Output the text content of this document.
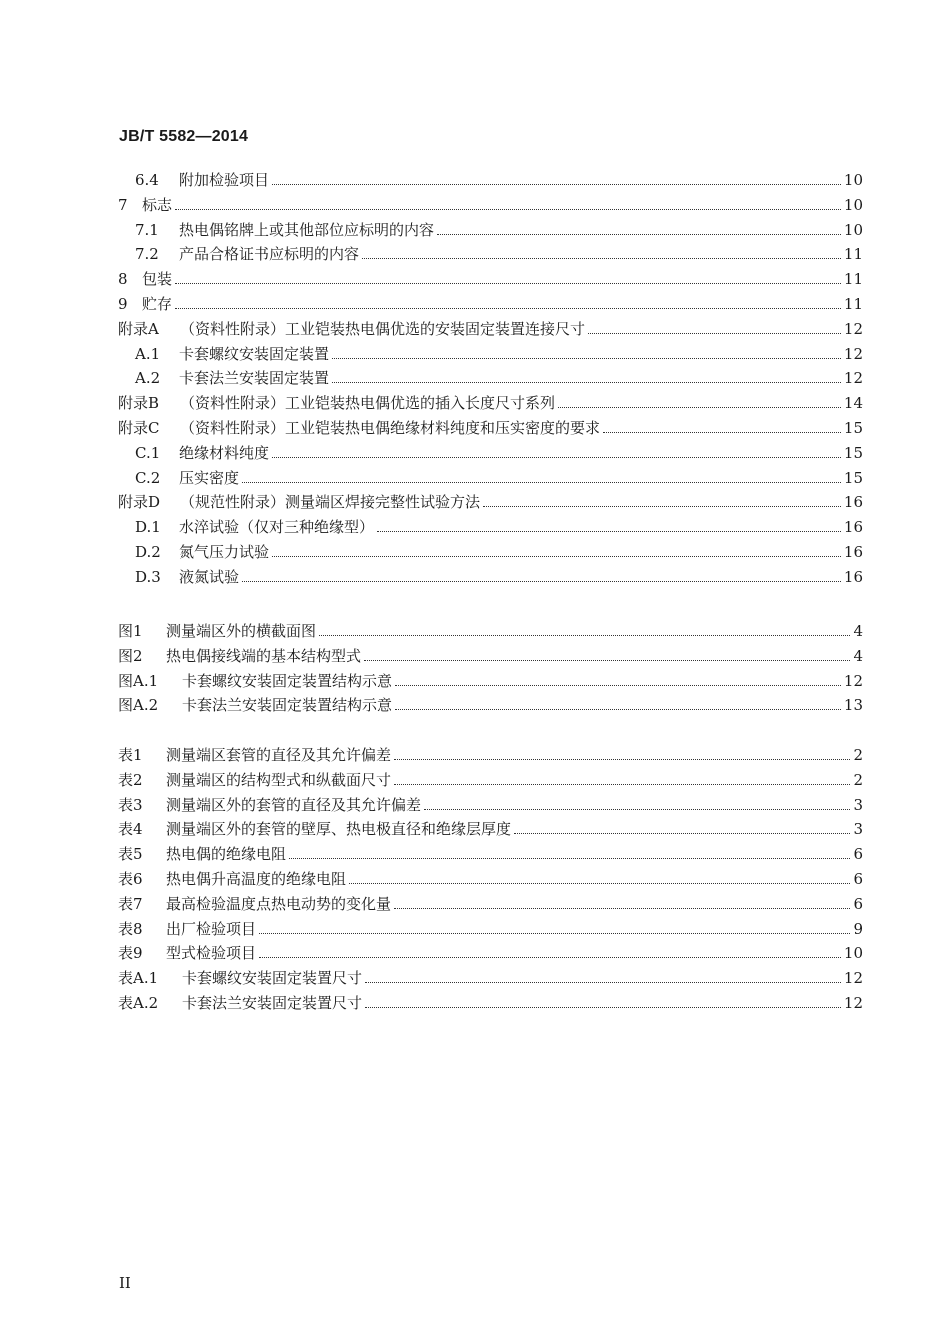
JB/T 5582—2014
6.4	附加检验项目	10
7 标志	10
7.1	热电偶铭牌上或其他部位应标明的内容	10
7.2	产品合格证书应标明的内容	11
8 包装	11
9 贮存	11
附录A	（资料性附录）工业铠装热电偶优选的安装固定装置连接尺寸	12
A.1	卡套螺纹安装固定装置	12
A.2	卡套法兰安装固定装置	12
附录B	（资料性附录）工业铠装热电偶优选的插入长度尺寸系列	14
附录C	（资料性附录）工业铠装热电偶绝缘材料纯度和压实密度的要求	15
C.1	绝缘材料纯度	15
C.2	压实密度	15
附录D	（规范性附录）测量端区焊接完整性试验方法	16
D.1	水淬试验（仅对三种绝缘型）	16
D.2	氮气压力试验	16
D.3	液氮试验	16
图1	测量端区外的横截面图	4
图2	热电偶接线端的基本结构型式	4
图A.1	卡套螺纹安装固定装置结构示意	12
图A.2	卡套法兰安装固定装置结构示意	13
表1	测量端区套管的直径及其允许偏差	2
表2	测量端区的结构型式和纵截面尺寸	2
表3	测量端区外的套管的直径及其允许偏差	3
表4	测量端区外的套管的壁厚、热电极直径和绝缘层厚度	3
表5	热电偶的绝缘电阻	6
表6	热电偶升高温度的绝缘电阻	6
表7	最高检验温度点热电动势的变化量	6
表8	出厂检验项目	9
表9	型式检验项目	10
表A.1	卡套螺纹安装固定装置尺寸	12
表A.2	卡套法兰安装固定装置尺寸	12
II
